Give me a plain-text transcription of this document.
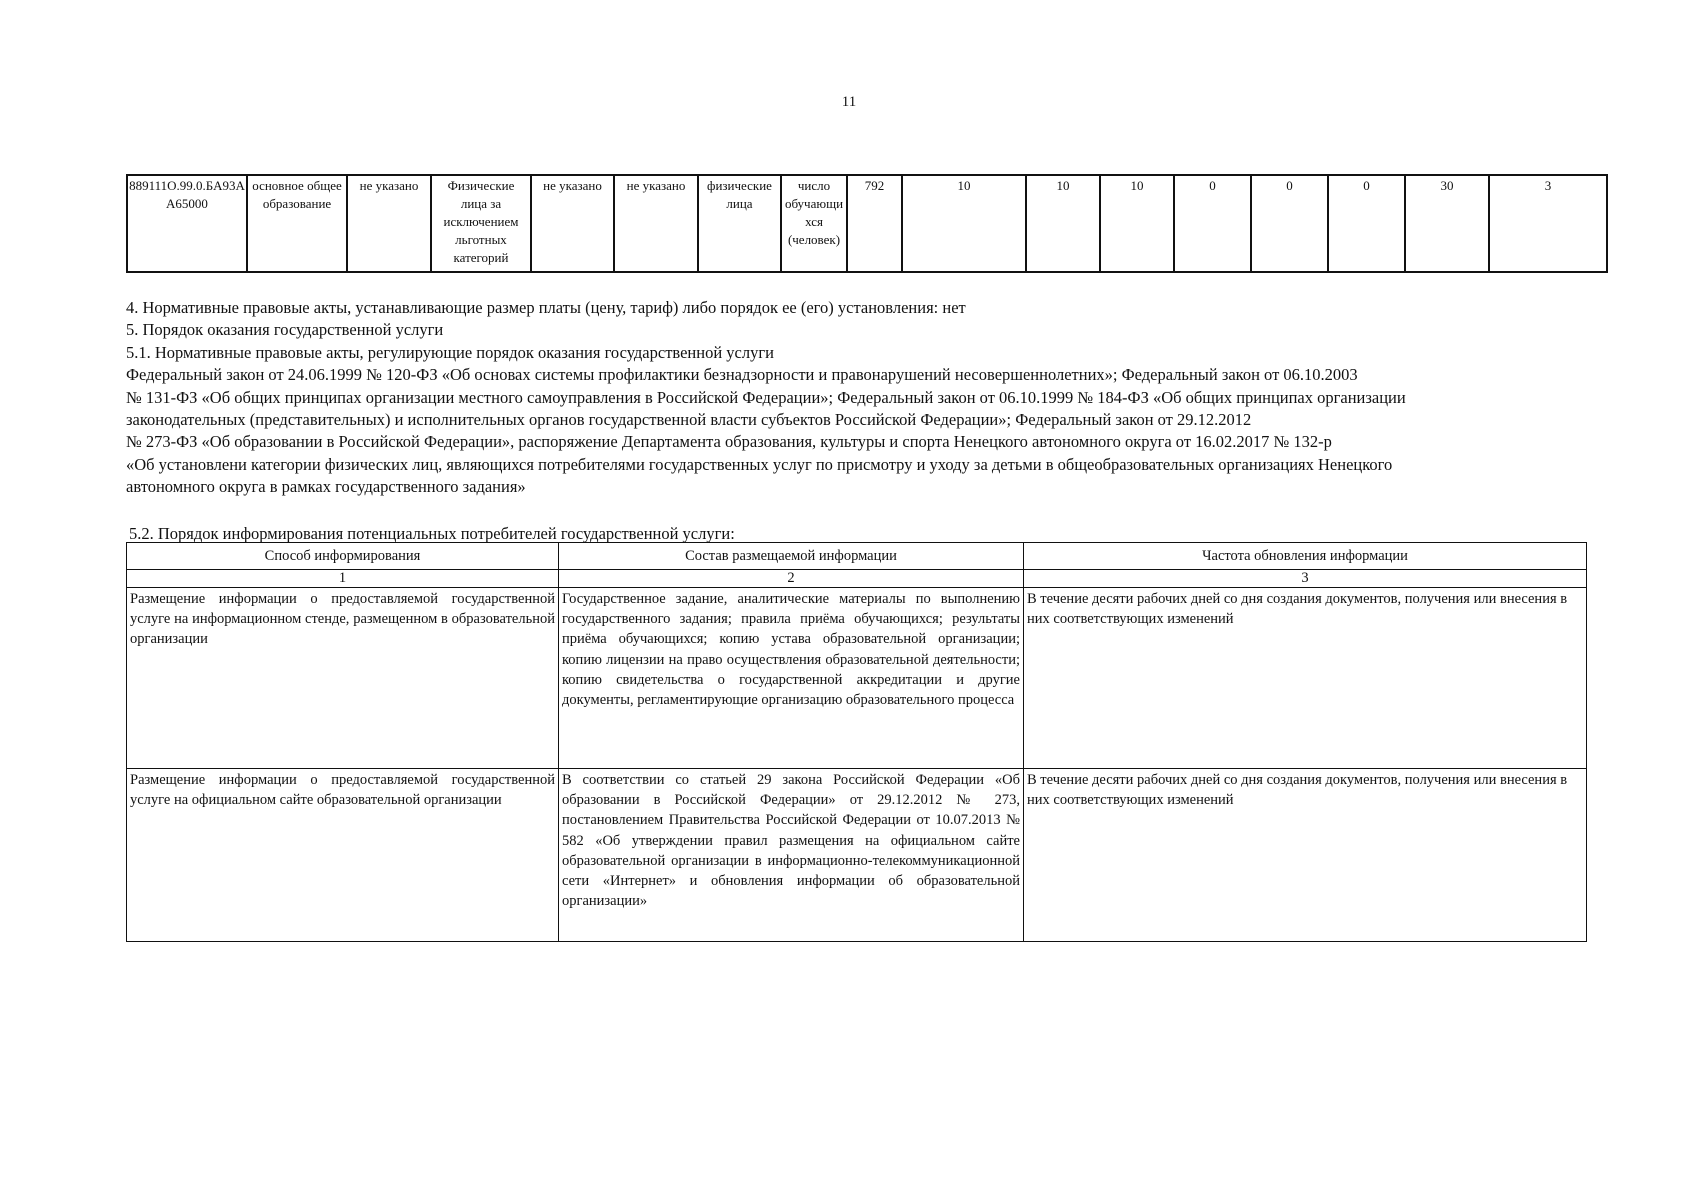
11
889111О.99.0.БА93АА65000	основное общее образование	не указано	Физические лица за исключением льготных категорий	не указано	не указано	физические лица	число обучающихся (человек)	792	10	10	10	0	0	0	30	3

4. Нормативные правовые акты, устанавливающие размер платы (цену, тариф) либо порядок ее (его) установления: нет

5. Порядок оказания государственной услуги

5.1. Нормативные правовые акты, регулирующие порядок оказания государственной услуги

Федеральный закон от 24.06.1999 № 120-ФЗ «Об основах системы профилактики безнадзорности и правонарушений несовершеннолетних»; Федеральный закон от 06.10.2003

№ 131-ФЗ «Об общих принципах организации местного самоуправления в Российской Федерации»; Федеральный закон от 06.10.1999 № 184-ФЗ «Об общих принципах организации

законодательных (представительных) и исполнительных органов государственной власти субъектов Российской Федерации»; Федеральный закон от 29.12.2012

№ 273-ФЗ «Об образовании в Российской Федерации», распоряжение Департамента образования, культуры и спорта Ненецкого автономного округа от 16.02.2017 № 132-р

«Об установлени категории физических лиц, являющихся потребителями государственных услуг по присмотру и уходу за детьми в общеобразовательных организациях Ненецкого

автономного округа в рамках государственного задания»

5.2. Порядок информирования потенциальных потребителей государственной услуги:
Способ информирования	Состав размещаемой информации	Частота обновления информации
1	2	3
Размещение информации о предоставляемой государственной услуге на информационном стенде, размещенном в образовательной организации	Государственное задание, аналитические материалы по выполнению государственного задания; правила приёма обучающихся; результаты приёма обучающихся; копию устава образовательной организации; копию лицензии на право осуществления образовательной деятельности; копию свидетельства о государственной аккредитации и другие документы, регламентирующие организацию образовательного процесса	В течение десяти рабочих дней со дня создания документов, получения или внесения в них соответствующих изменений
Размещение информации о предоставляемой государственной услуге на официальном сайте образовательной организации	В соответствии со статьей 29 закона Российской Федерации «Об образовании в Российской Федерации» от 29.12.2012 № 273, постановлением Правительства Российской Федерации от 10.07.2013 № 582 «Об утверждении правил размещения на официальном сайте образовательной организации в информационно-телекоммуникационной сети «Интернет» и обновления информации об образовательной организации»	В течение десяти рабочих дней со дня создания документов, получения или внесения в них соответствующих изменений
